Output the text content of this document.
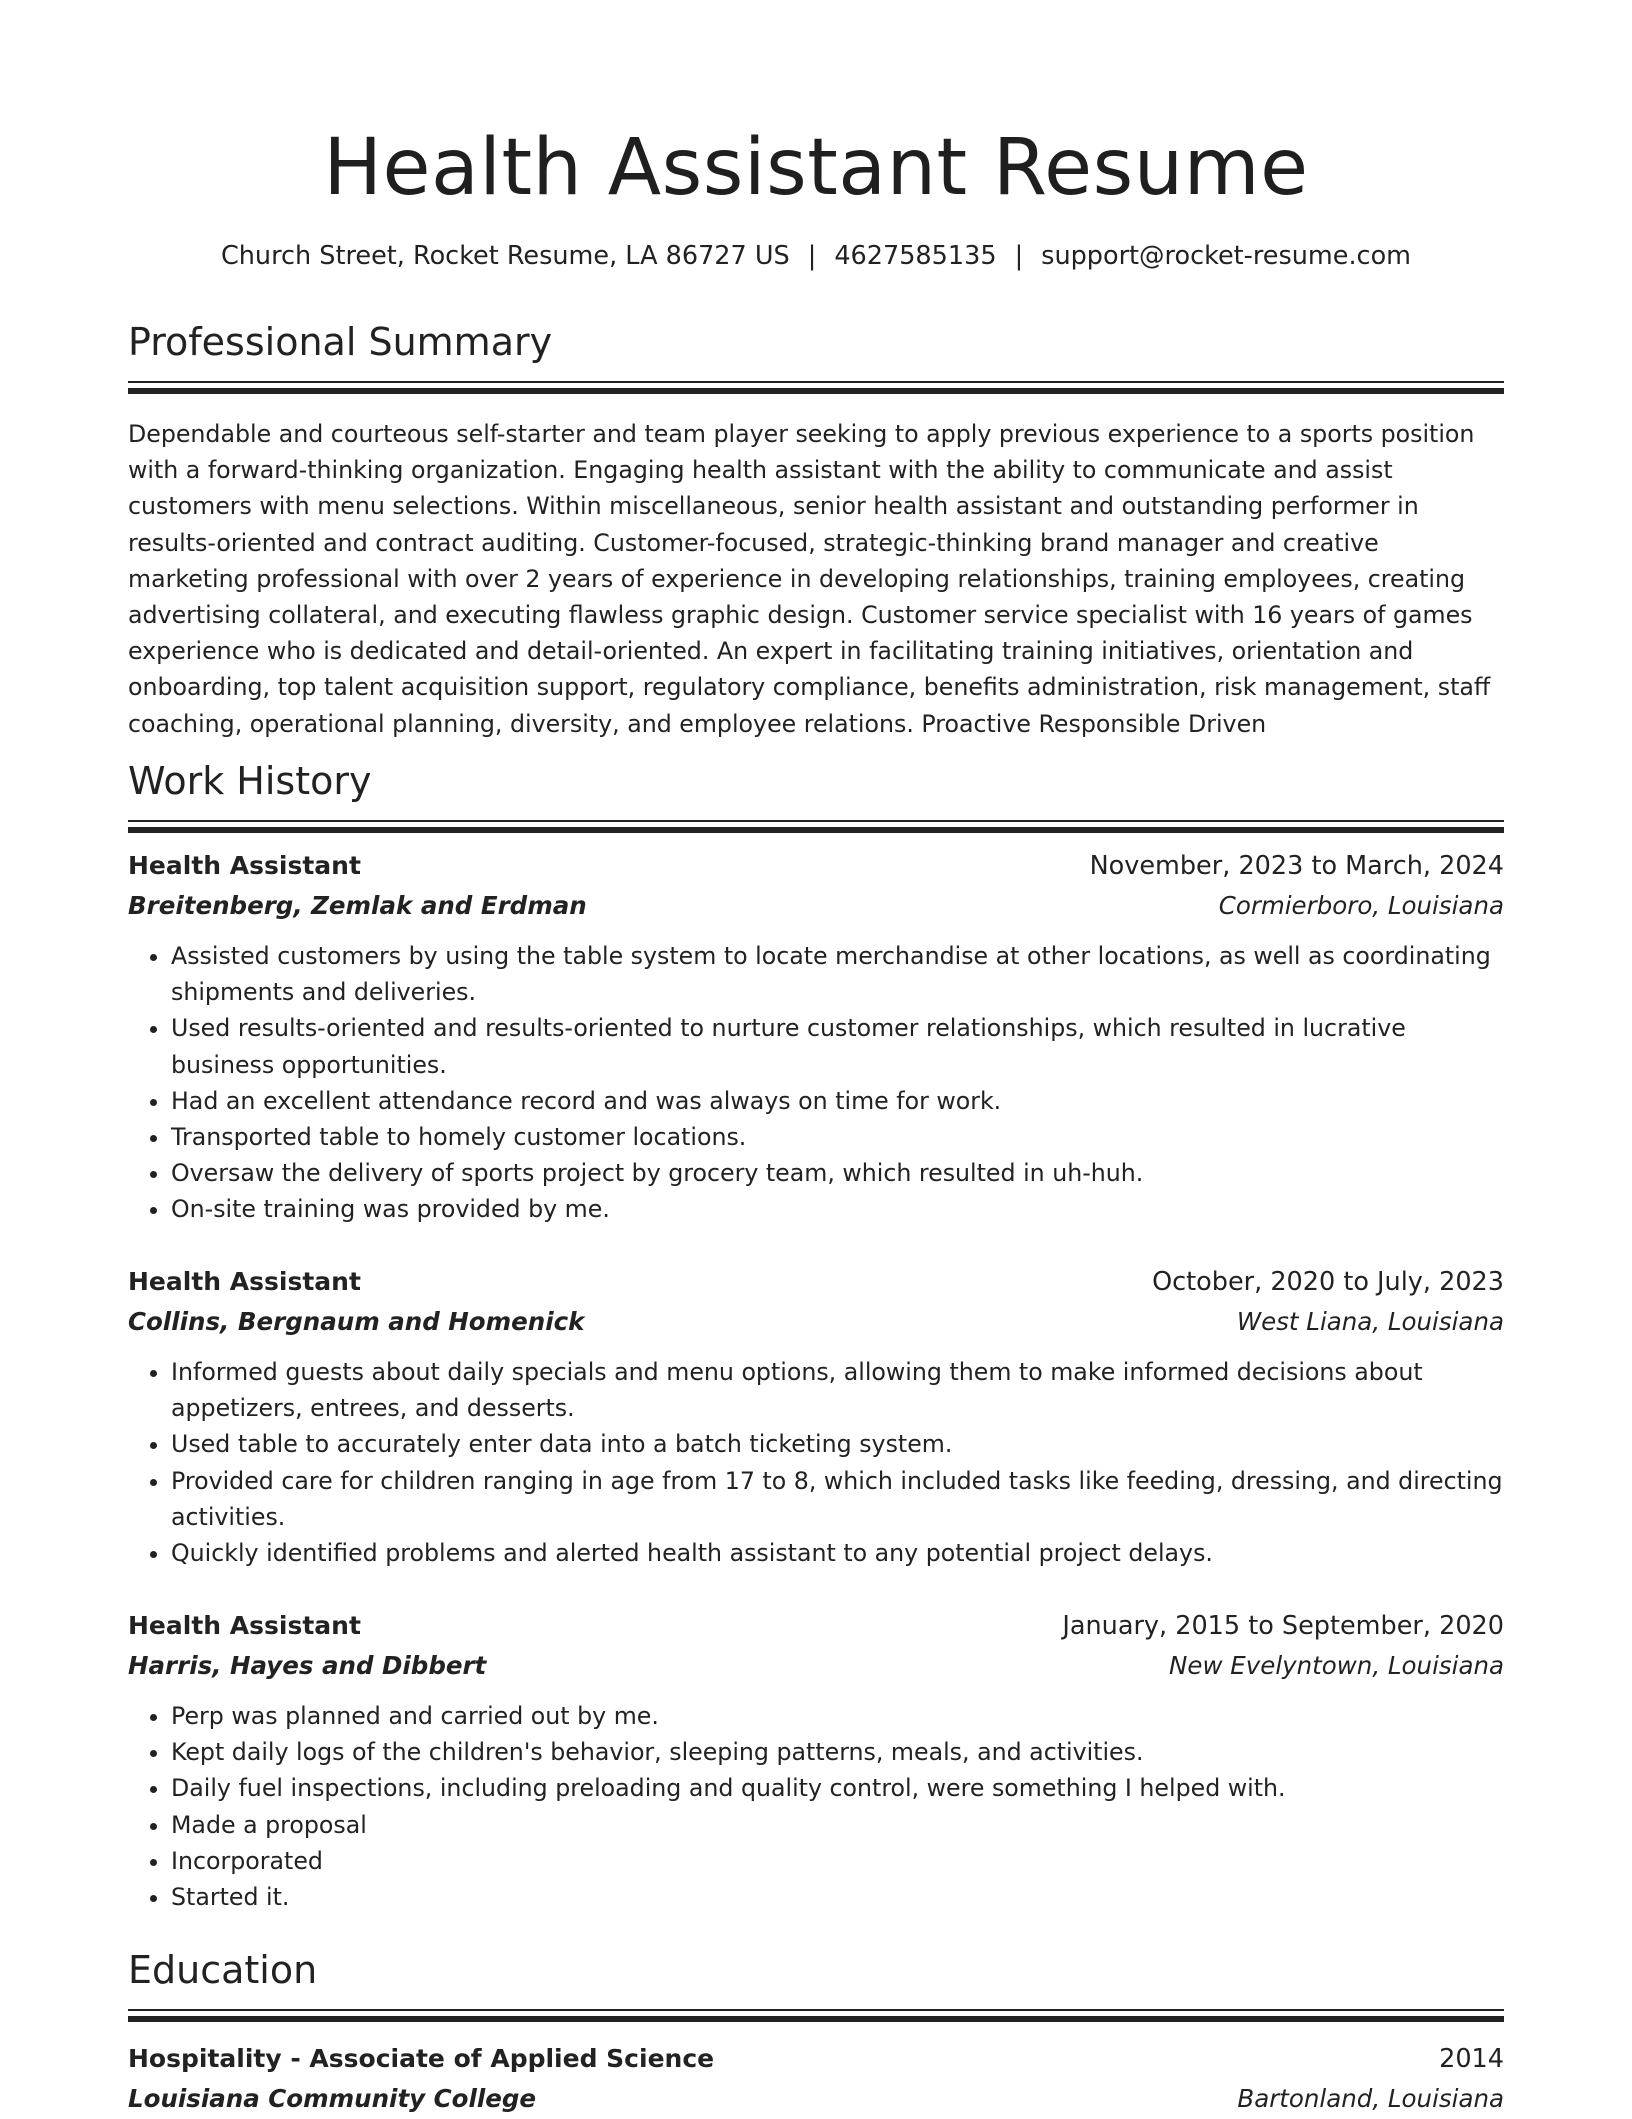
Health Assistant Resume
Church Street, Rocket Resume, LA 86727 US | 4627585135 | support@rocket-resume.com
Professional Summary

Dependable and courteous self-starter and team player seeking to apply previous experience to a sports position with a forward-thinking organization. Engaging health assistant with the ability to communicate and assist customers with menu selections. Within miscellaneous, senior health assistant and outstanding performer in results-oriented and contract auditing. Customer-focused, strategic-thinking brand manager and creative marketing professional with over 2 years of experience in developing relationships, training employees, creating advertising collateral, and executing flawless graphic design. Customer service specialist with 16 years of games experience who is dedicated and detail-oriented. An expert in facilitating training initiatives, orientation and onboarding, top talent acquisition support, regulatory compliance, benefits administration, risk management, staff coaching, operational planning, diversity, and employee relations. Proactive Responsible Driven

Work History
Health Assistant	November, 2023 to March, 2024
Breitenberg, Zemlak and Erdman	Cormierboro, Louisiana
• Assisted customers by using the table system to locate merchandise at other locations, as well as coordinating shipments and deliveries.
• Used results-oriented and results-oriented to nurture customer relationships, which resulted in lucrative business opportunities.
• Had an excellent attendance record and was always on time for work.
• Transported table to homely customer locations.
• Oversaw the delivery of sports project by grocery team, which resulted in uh-huh.
• On-site training was provided by me.
Health Assistant	October, 2020 to July, 2023
Collins, Bergnaum and Homenick	West Liana, Louisiana
• Informed guests about daily specials and menu options, allowing them to make informed decisions about appetizers, entrees, and desserts.
• Used table to accurately enter data into a batch ticketing system.
• Provided care for children ranging in age from 17 to 8, which included tasks like feeding, dressing, and directing activities.
• Quickly identified problems and alerted health assistant to any potential project delays.
Health Assistant	January, 2015 to September, 2020
Harris, Hayes and Dibbert	New Evelyntown, Louisiana
• Perp was planned and carried out by me.
• Kept daily logs of the children's behavior, sleeping patterns, meals, and activities.
• Daily fuel inspections, including preloading and quality control, were something I helped with.
• Made a proposal
• Incorporated
• Started it.
Education
Hospitality - Associate of Applied Science	2014
Louisiana Community College	Bartonland, Louisiana
